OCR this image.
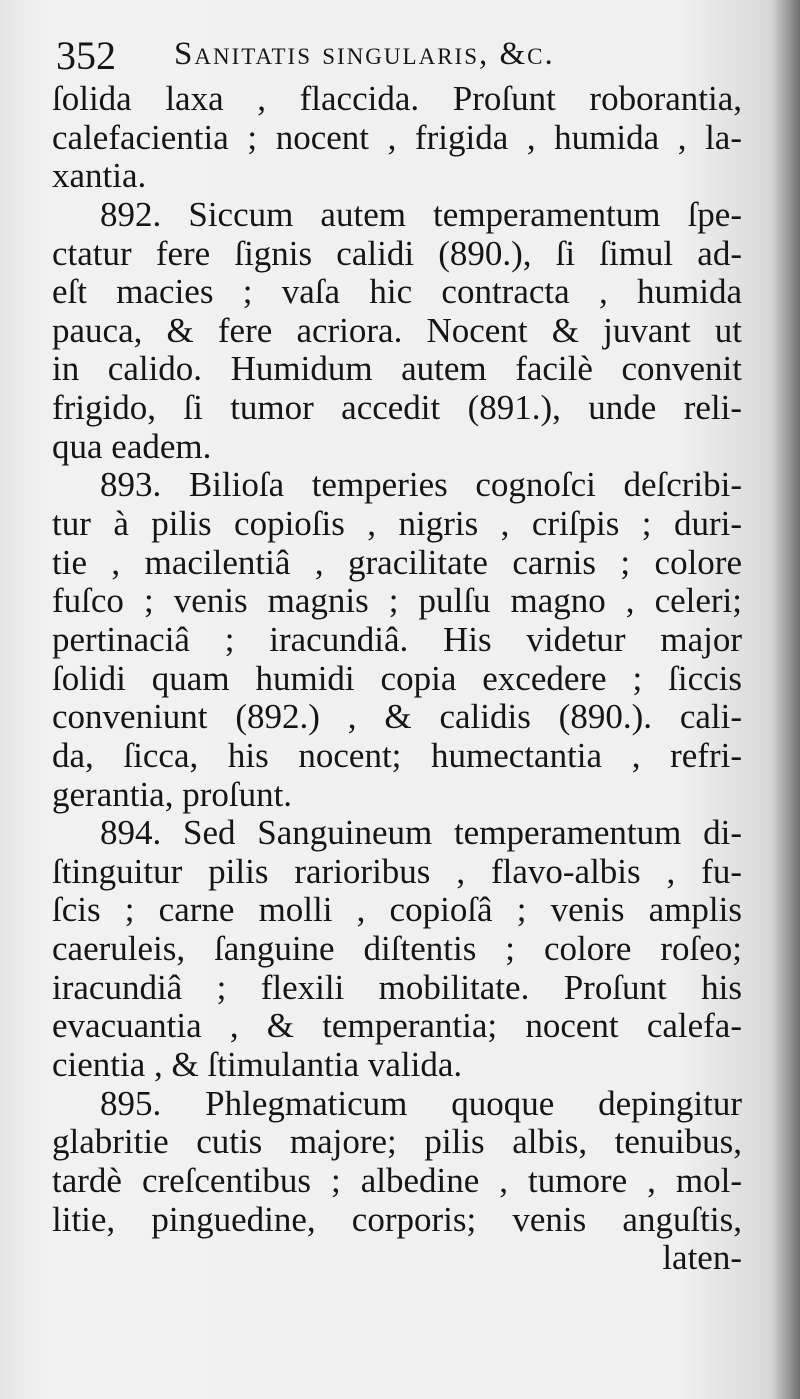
352 Sanitatis singularis, &c.
ſolida laxa , flaccida. Proſunt roborantia,
calefacientia ; nocent , frigida , humida , la-
xantia.
892. Siccum autem temperamentum ſpe-
ctatur fere ſignis calidi (890.), ſi ſimul ad-
eſt macies ; vaſa hic contracta , humida
pauca, & fere acriora. Nocent & juvant ut
in calido. Humidum autem facilè convenit
frigido, ſi tumor accedit (891.), unde reli-
qua eadem.
893. Bilioſa temperies cognoſci deſcribi-
tur à pilis copioſis , nigris , criſpis ; duri-
tie , macilentiâ , gracilitate carnis ; colore
fuſco ; venis magnis ; pulſu magno , celeri;
pertinaciâ ; iracundiâ. His videtur major
ſolidi quam humidi copia excedere ; ſiccis
conveniunt (892.) , & calidis (890.). cali-
da, ſicca, his nocent; humectantia , refri-
gerantia, proſunt.
894. Sed Sanguineum temperamentum di-
ſtinguitur pilis rarioribus , flavo-albis , fu-
ſcis ; carne molli , copioſâ ; venis amplis
caeruleis, ſanguine diſtentis ; colore roſeo;
iracundiâ ; flexili mobilitate. Proſunt his
evacuantia , & temperantia; nocent calefa-
cientia , & ſtimulantia valida.
895. Phlegmaticum quoque depingitur
glabritie cutis majore; pilis albis, tenuibus,
tardè creſcentibus ; albedine , tumore , mol-
litie, pinguedine, corporis; venis anguſtis,
laten-
